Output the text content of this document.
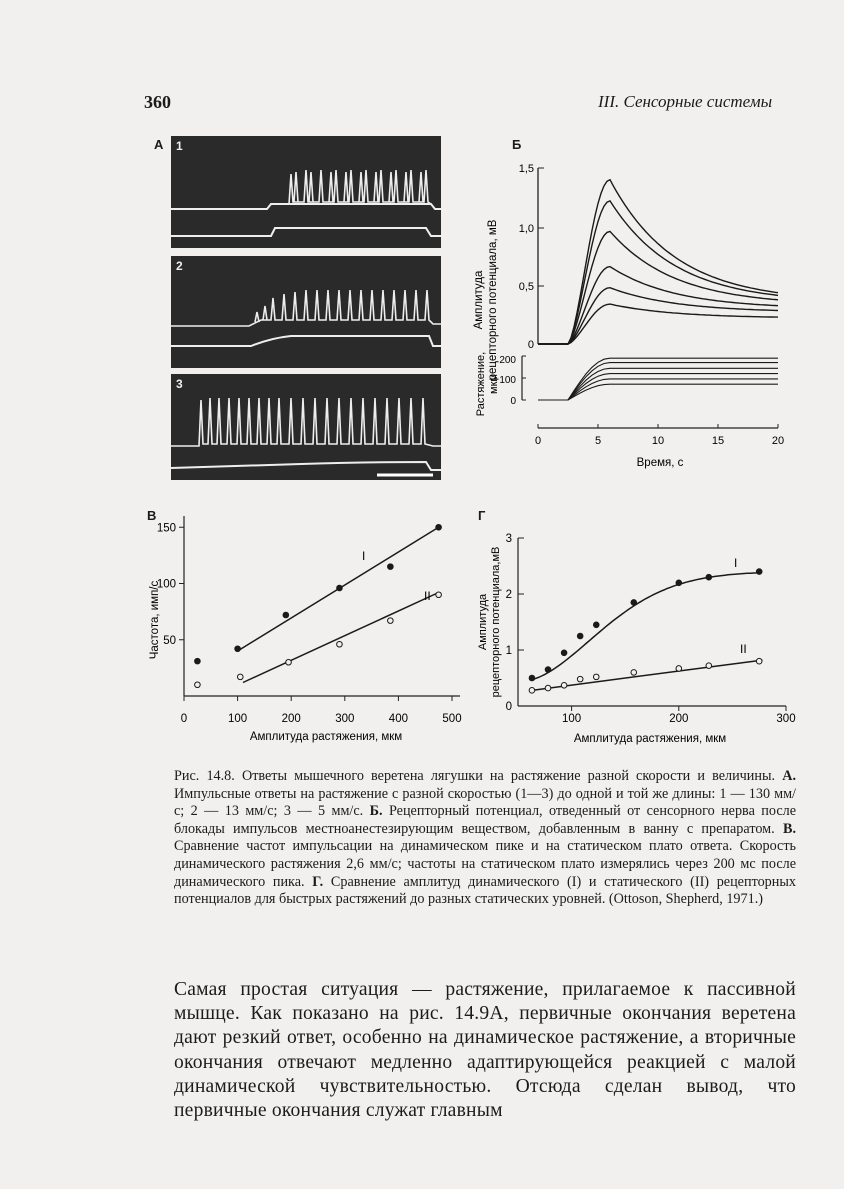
360	III. Сенсорные системы
А 1
2
3
Б
Амплитуда рецепторного потенциала, мВ
1,5
1,0
0,5
0
Растяжение, мкм
200
100
0
0	5	10	15	20
Время, с
В
Частота, имп/с
0	100	200	300	400	500
150
100
50
I
II
Амплитуда растяжения, мкм
Г
Амплитуда рецепторного потенциала,мВ
100	200	300
3
2
1
0
I
II
Амплитуда растяжения, мкм
Рис. 14.8. Ответы мышечного веретена лягушки на растяжение разной скорости и величины. А. Импульсные ответы на растяжение с разной скоростью (1—3) до одной и той же длины: 1 — 130 мм/с; 2 — 13 мм/с; 3 — 5 мм/с. Б. Рецепторный потенциал, отведенный от сенсорного нерва после блокады импульсов местноанестезирующим веществом, добавленным в ванну с препаратом. В. Сравнение частот импульсации на динамическом пике и на статическом плато ответа. Скорость динамического растяжения 2,6 мм/с; частоты на статическом плато измерялись через 200 мс после динамического пика. Г. Сравнение амплитуд динамического (I) и статического (II) рецепторных потенциалов для быстрых растяжений до разных статических уровней. (Ottoson, Shepherd, 1971.)
Самая простая ситуация — растяжение, прилагаемое к пассивной мышце. Как показано на рис. 14.9А, первичные окончания веретена дают резкий ответ, особенно на динамическое растяжение, а вторичные окончания отвечают медленно адаптирующейся реакцией с малой динамической чувствительностью. Отсюда сделан вывод, что первичные окончания служат главным
